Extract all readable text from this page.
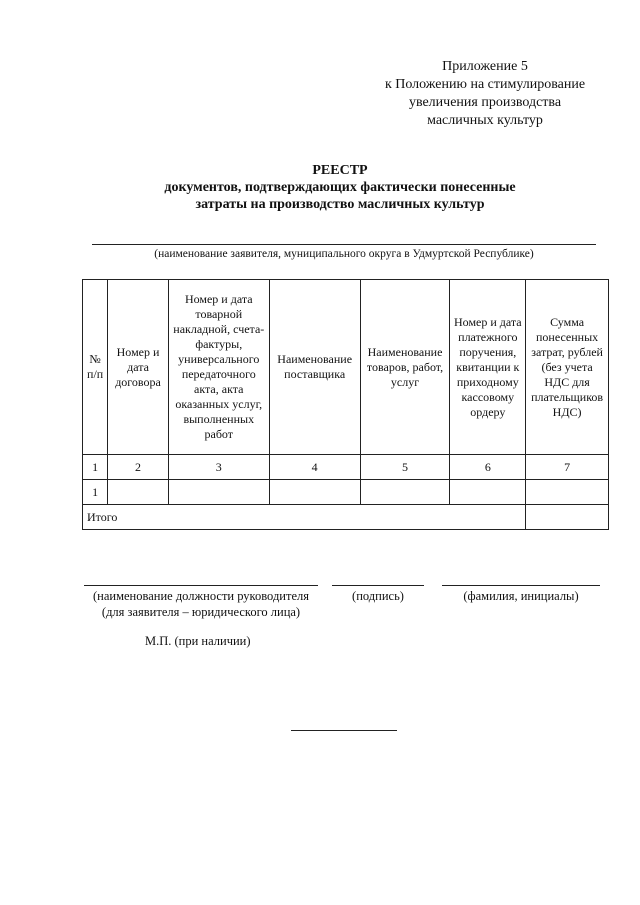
Приложение 5
к Положению на стимулирование
увеличения производства
масличных культур
РЕЕСТР
документов, подтверждающих фактически понесенные
затраты на производство масличных культур
(наименование заявителя, муниципального округа в Удмуртской Республике)
№ п/п	Номер и дата договора	Номер и дата товарной накладной, счета-фактуры, универсального передаточного акта, акта оказанных услуг, выполненных работ	Наименование поставщика	Наименование товаров, работ, услуг	Номер и дата платежного поручения, квитанции к приходному кассовому ордеру	Сумма понесенных затрат, рублей (без учета НДС для плательщиков НДС)
1	2	3	4	5	6	7
1						
Итого						
(наименование должности руководителя
(для заявителя – юридического лица)
(подпись)	(фамилия, инициалы)
М.П. (при наличии)
